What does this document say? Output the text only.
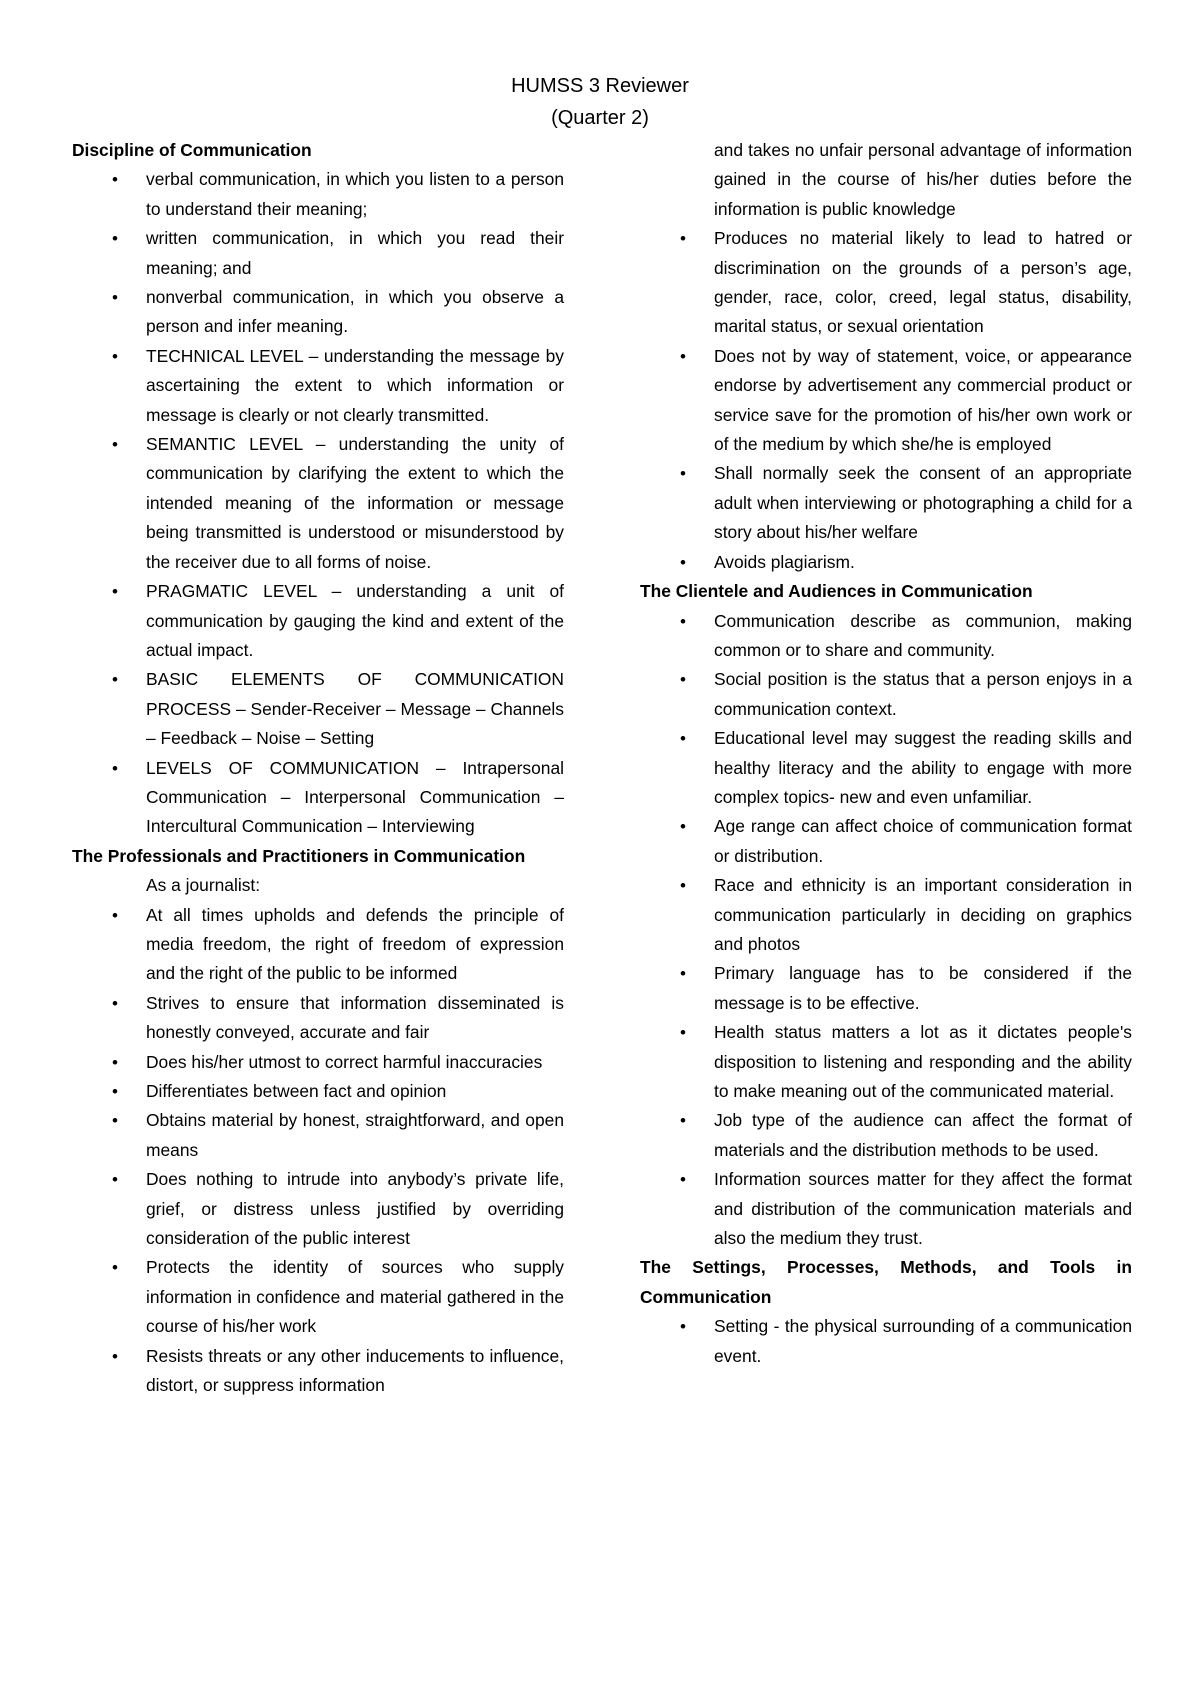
HUMSS 3 Reviewer
(Quarter 2)
Discipline of Communication
• verbal communication, in which you listen to a person to understand their meaning;
• written communication, in which you read their meaning; and
• nonverbal communication, in which you observe a person and infer meaning.
• TECHNICAL LEVEL – understanding the message by ascertaining the extent to which information or message is clearly or not clearly transmitted.
• SEMANTIC LEVEL – understanding the unity of communication by clarifying the extent to which the intended meaning of the information or message being transmitted is understood or misunderstood by the receiver due to all forms of noise.
• PRAGMATIC LEVEL – understanding a unit of communication by gauging the kind and extent of the actual impact.
• BASIC ELEMENTS OF COMMUNICATION PROCESS – Sender-Receiver – Message – Channels – Feedback – Noise – Setting
• LEVELS OF COMMUNICATION – Intrapersonal Communication – Interpersonal Communication – Intercultural Communication – Interviewing
The Professionals and Practitioners in Communication
As a journalist:
• At all times upholds and defends the principle of media freedom, the right of freedom of expression and the right of the public to be informed
• Strives to ensure that information disseminated is honestly conveyed, accurate and fair
• Does his/her utmost to correct harmful inaccuracies
• Differentiates between fact and opinion
• Obtains material by honest, straightforward, and open means
• Does nothing to intrude into anybody’s private life, grief, or distress unless justified by overriding consideration of the public interest
• Protects the identity of sources who supply information in confidence and material gathered in the course of his/her work
• Resists threats or any other inducements to influence, distort, or suppress information
and takes no unfair personal advantage of information gained in the course of his/her duties before the information is public knowledge
• Produces no material likely to lead to hatred or discrimination on the grounds of a person’s age, gender, race, color, creed, legal status, disability, marital status, or sexual orientation
• Does not by way of statement, voice, or appearance endorse by advertisement any commercial product or service save for the promotion of his/her own work or of the medium by which she/he is employed
• Shall normally seek the consent of an appropriate adult when interviewing or photographing a child for a story about his/her welfare
• Avoids plagiarism.
The Clientele and Audiences in Communication
• Communication describe as communion, making common or to share and community.
• Social position is the status that a person enjoys in a communication context.
• Educational level may suggest the reading skills and healthy literacy and the ability to engage with more complex topics- new and even unfamiliar.
• Age range can affect choice of communication format or distribution.
• Race and ethnicity is an important consideration in communication particularly in deciding on graphics and photos
• Primary language has to be considered if the message is to be effective.
• Health status matters a lot as it dictates people's disposition to listening and responding and the ability to make meaning out of the communicated material.
• Job type of the audience can affect the format of materials and the distribution methods to be used.
• Information sources matter for they affect the format and distribution of the communication materials and also the medium they trust.
The Settings, Processes, Methods, and Tools in Communication
• Setting - the physical surrounding of a communication event.
